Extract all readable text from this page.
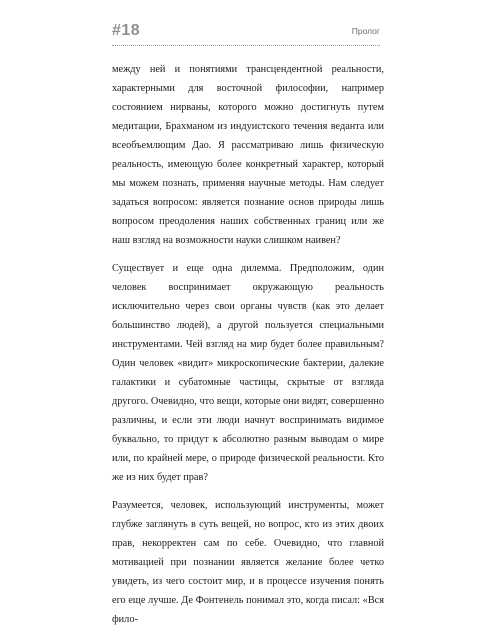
#18	Пролог

между ней и понятиями трансцендентной реальности, характерными для восточной философии, например состоянием нирваны, которого можно достигнуть путем медитации, Брахманом из индуистского течения веданта или всеобъемлющим Дао. Я рассматриваю лишь физическую реальность, имеющую более конкретный характер, который мы можем познать, применяя научные методы. Нам следует задаться вопросом: является познание основ природы лишь вопросом преодоления наших собственных границ или же наш взгляд на возможности науки слишком наивен?

Существует и еще одна дилемма. Предположим, один человек воспринимает окружающую реальность исключительно через свои органы чувств (как это делает большинство людей), а другой пользуется специальными инструментами. Чей взгляд на мир будет более правильным? Один человек «видит» микроскопические бактерии, далекие галактики и субатомные частицы, скрытые от взгляда другого. Очевидно, что вещи, которые они видят, совершенно различны, и если эти люди начнут воспринимать видимое буквально, то придут к абсолютно разным выводам о мире или, по крайней мере, о природе физической реальности. Кто же из них будет прав?

Разумеется, человек, использующий инструменты, может глубже заглянуть в суть вещей, но вопрос, кто из этих двоих прав, некорректен сам по себе. Очевидно, что главной мотивацией при познании является желание более четко увидеть, из чего состоит мир, и в процессе изучения понять его еще лучше. Де Фонтенель понимал это, когда писал: «Вся фило-
